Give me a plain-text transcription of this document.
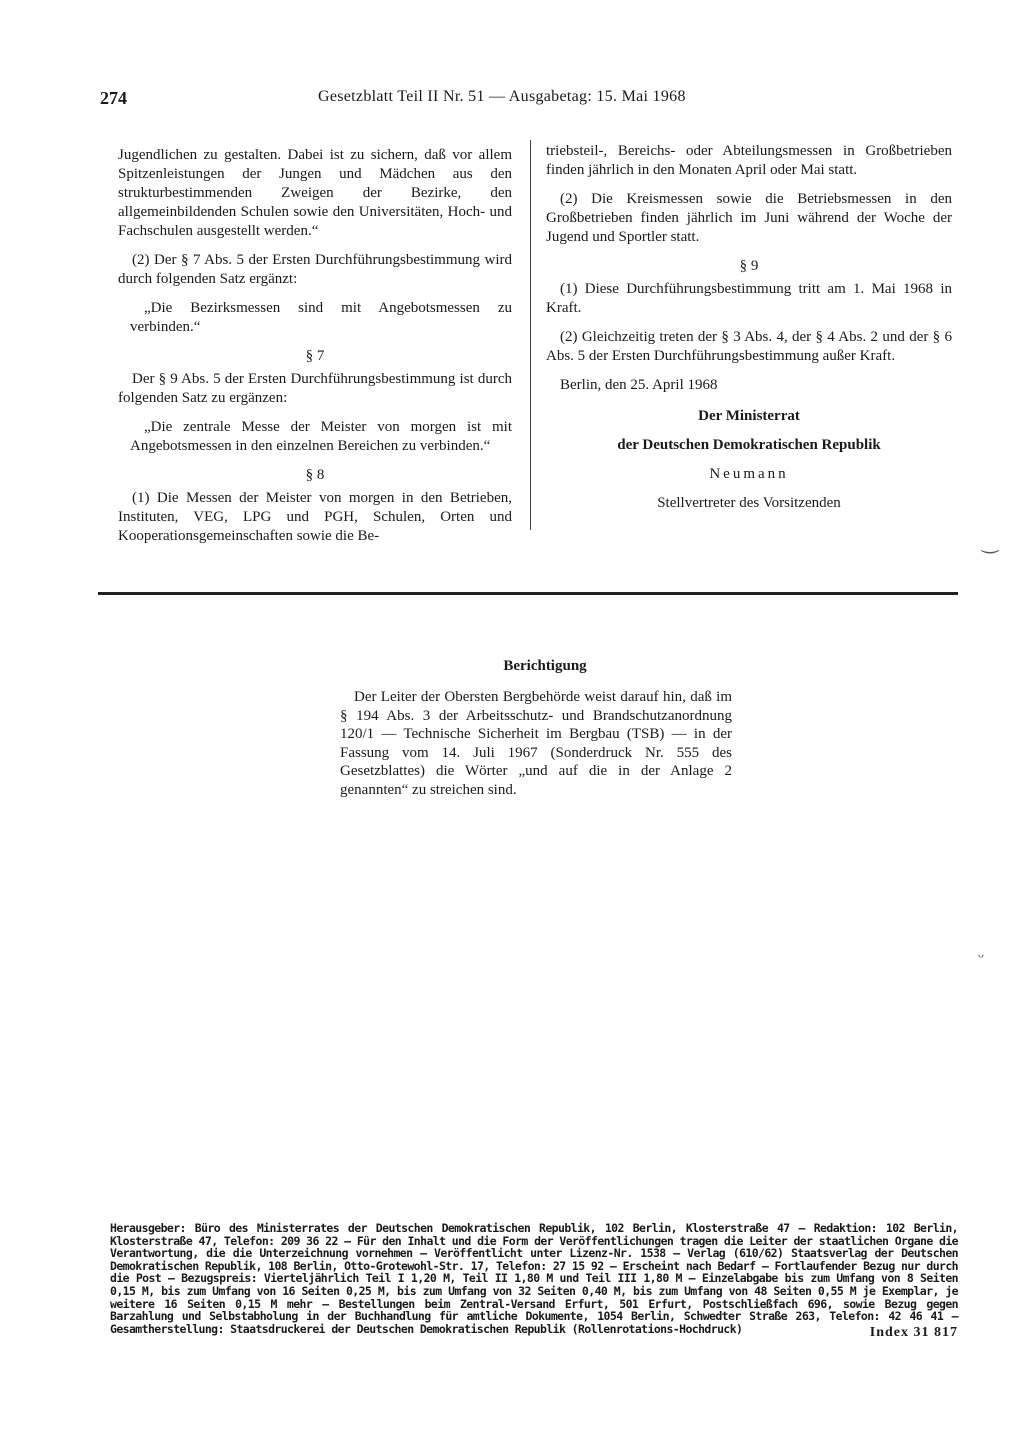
274	Gesetzblatt Teil II Nr. 51 — Ausgabetag: 15. Mai 1968

Jugendlichen zu gestalten. Dabei ist zu sichern, daß vor allem Spitzenleistungen der Jungen und Mädchen aus den strukturbestimmenden Zweigen der Bezirke, den allgemeinbildenden Schulen sowie den Universitäten, Hoch- und Fachschulen ausgestellt werden.“

(2) Der § 7 Abs. 5 der Ersten Durchführungsbestimmung wird durch folgenden Satz ergänzt:

„Die Bezirksmessen sind mit Angebotsmessen zu verbinden.“

§ 7

Der § 9 Abs. 5 der Ersten Durchführungsbestimmung ist durch folgenden Satz zu ergänzen:

„Die zentrale Messe der Meister von morgen ist mit Angebotsmessen in den einzelnen Bereichen zu verbinden.“

§ 8

(1) Die Messen der Meister von morgen in den Betrieben, Instituten, VEG, LPG und PGH, Schulen, Orten und Kooperationsgemeinschaften sowie die Be-

triebsteil-, Bereichs- oder Abteilungsmessen in Großbetrieben finden jährlich in den Monaten April oder Mai statt.

(2) Die Kreismessen sowie die Betriebsmessen in den Großbetrieben finden jährlich im Juni während der Woche der Jugend und Sportler statt.

§ 9

(1) Diese Durchführungsbestimmung tritt am 1. Mai 1968 in Kraft.

(2) Gleichzeitig treten der § 3 Abs. 4, der § 4 Abs. 2 und der § 6 Abs. 5 der Ersten Durchführungsbestimmung außer Kraft.

Berlin, den 25. April 1968

Der Ministerrat

der Deutschen Demokratischen Republik

Neumann

Stellvertreter des Vorsitzenden

‿
ᵕ

Berichtigung

Der Leiter der Obersten Bergbehörde weist darauf hin, daß im § 194 Abs. 3 der Arbeitsschutz- und Brandschutzanordnung 120/1 — Technische Sicherheit im Bergbau (TSB) — in der Fassung vom 14. Juli 1967 (Sonderdruck Nr. 555 des Gesetzblattes) die Wörter „und auf die in der Anlage 2 genannten“ zu streichen sind.

Herausgeber: Büro des Ministerrates der Deutschen Demokratischen Republik, 102 Berlin, Klosterstraße 47 — Redaktion: 102 Berlin, Klosterstraße 47, Telefon: 209 36 22 — Für den Inhalt und die Form der Veröffentlichungen tragen die Leiter der staatlichen Organe die Verantwortung, die die Unterzeichnung vornehmen — Veröffentlicht unter Lizenz-Nr. 1538 — Verlag (610/62) Staatsverlag der Deutschen Demokratischen Republik, 108 Berlin, Otto-Grotewohl-Str. 17, Telefon: 27 15 92 — Erscheint nach Bedarf — Fortlaufender Bezug nur durch die Post — Bezugspreis: Vierteljährlich Teil I 1,20 M, Teil II 1,80 M und Teil III 1,80 M — Einzelabgabe bis zum Umfang von 8 Seiten 0,15 M, bis zum Umfang von 16 Seiten 0,25 M, bis zum Umfang von 32 Seiten 0,40 M, bis zum Umfang von 48 Seiten 0,55 M je Exemplar, je weitere 16 Seiten 0,15 M mehr — Bestellungen beim Zentral-Versand Erfurt, 501 Erfurt, Postschließfach 696, sowie Bezug gegen Barzahlung und Selbstabholung in der Buchhandlung für amtliche Dokumente, 1054 Berlin, Schwedter Straße 263, Telefon: 42 46 41 — Gesamtherstellung: Staatsdruckerei der Deutschen Demokratischen Republik (Rollenrotations-Hochdruck)	Index 31 817
